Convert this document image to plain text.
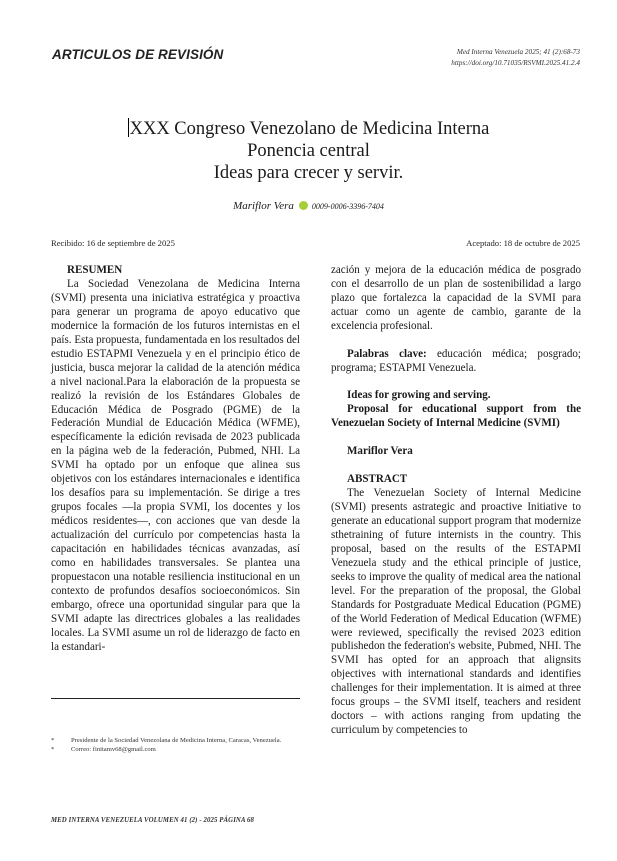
ARTICULOS DE REVISIÓN	Med Interna Venezuela 2025; 41 (2):68-73
https://doi.org/10.71035/RSVMI.2025.41.2.4
XXX Congreso Venezolano de Medicina Interna
Ponencia central
Ideas para crecer y servir.
Mariflor Vera 0009-0006-3396-7404
Recibido: 16 de septiembre de 2025	Aceptado: 18 de octubre de 2025
RESUMEN

La Sociedad Venezolana de Medicina Interna (SVMI) presenta una iniciativa estratégica y proactiva para generar un programa de apoyo educativo que modernice la formación de los futuros internistas en el país. Esta propuesta, fundamentada en los resultados del estudio ESTAPMI Venezuela y en el principio ético de justicia, busca mejorar la calidad de la atención médica a nivel nacional.Para la elaboración de la propuesta se realizó la revisión de los Estándares Globales de Educación Médica de Posgrado (PGME) de la Federación Mundial de Educación Médica (WFME), específicamente la edición revisada de 2023 publicada en la página web de la federación, Pubmed, NHI. La SVMI ha optado por un enfoque que alinea sus objetivos con los estándares internacionales e identifica los desafíos para su implementación. Se dirige a tres grupos focales —la propia SVMI, los docentes y los médicos residentes—, con acciones que van desde la actualización del currículo por competencias hasta la capacitación en habilidades técnicas avanzadas, así como en habilidades transversales. Se plantea una propuestacon una notable resiliencia institucional en un contexto de profundos desafíos socioeconómicos. Sin embargo, ofrece una oportunidad singular para que la SVMI adapte las directrices globales a las realidades locales. La SVMI asume un rol de liderazgo de facto en la estandari-

*	Presidente de la Sociedad Venezolana de Medicina Interna, Caracas, Venezuela.
*	Correo: finitamv68@gmail.com

zación y mejora de la educación médica de posgrado con el desarrollo de un plan de sostenibilidad a largo plazo que fortalezca la capacidad de la SVMI para actuar como un agente de cambio, garante de la excelencia profesional.

Palabras clave: educación médica; posgrado; programa; ESTAPMI Venezuela.

Ideas for growing and serving.

Proposal for educational support from the Venezuelan Society of Internal Medicine (SVMI)

Mariflor Vera
ABSTRACT

The Venezuelan Society of Internal Medicine (SVMI) presents astrategic and proactive Initiative to generate an educational support program that modernize sthetraining of future internists in the country. This proposal, based on the results of the ESTAPMI Venezuela study and the ethical principle of justice, seeks to improve the quality of medical area the national level. For the preparation of the proposal, the Global Standards for Postgraduate Medical Education (PGME) of the World Federation of Medical Education (WFME) were reviewed, specifically the revised 2023 edition publishedon the federation's website, Pubmed, NHI. The SVMI has opted for an approach that alignsits objectives with international standards and identifies challenges for their implementation. It is aimed at three focus groups – the SVMI itself, teachers and resident doctors – with actions ranging from updating the curriculum by competencies to

MED INTERNA VENEZUELA VOLUMEN 41 (2) - 2025 PÁGINA 68
